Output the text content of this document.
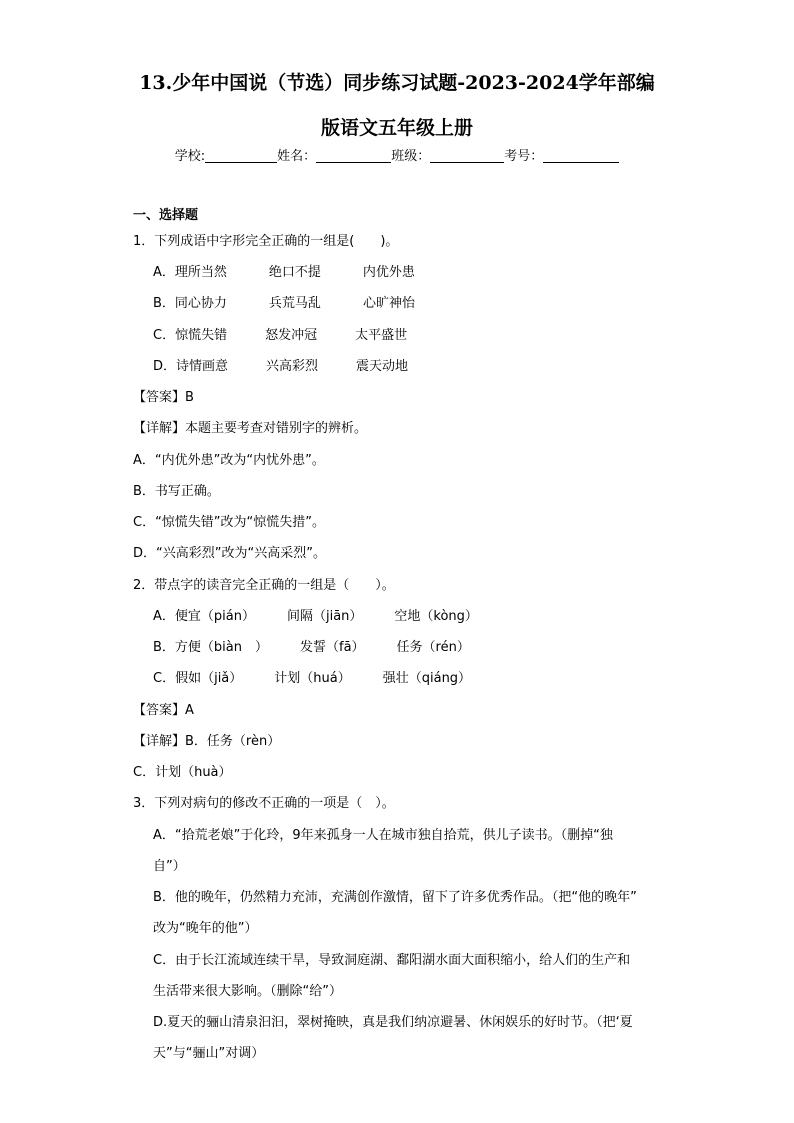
13.少年中国说（节选）同步练习试题-2023-2024学年部编
版语文五年级上册
学校:	姓名：	班级：	考号：
一、选择题
1．下列成语中字形完全正确的一组是(　　)。
A．理所当然	绝口不提	内优外患
B．同心协力	兵荒马乱	心旷神怡
C．惊慌失错	怒发冲冠	太平盛世
D．诗情画意	兴高彩烈	震天动地
【答案】B
【详解】本题主要考查对错别字的辨析。
A．“内优外患”改为“内忧外患”。
B．书写正确。
C．“惊慌失错”改为“惊慌失措”。
D．“兴高彩烈”改为“兴高采烈”。
2．带点字的读音完全正确的一组是（　　）。
A．便宜（pián） 间隔（jiān） 空地（kòng）
B．方便（biàn　） 发誓（fā） 任务（rén）
C．假如（jiǎ） 计划（huá） 强壮（qiáng）
【答案】A
【详解】B．任务（rèn）
C．计划（huà）
3．下列对病句的修改不正确的一项是（　）。
A．“拾荒老娘”于化玲，9年来孤身一人在城市独自拾荒，供儿子读书。（删掉“独
自”）
B．他的晚年，仍然精力充沛，充满创作激情，留下了许多优秀作品。（把“他的晚年”
改为“晚年的他”）
C．由于长江流域连续干旱，导致洞庭湖、鄱阳湖水面大面积缩小，给人们的生产和
生活带来很大影响。（删除“给”）
D.夏天的骊山清泉汩汩，翠树掩映，真是我们纳凉避暑、休闲娱乐的好时节。（把‘夏
天”与“骊山”对调）
